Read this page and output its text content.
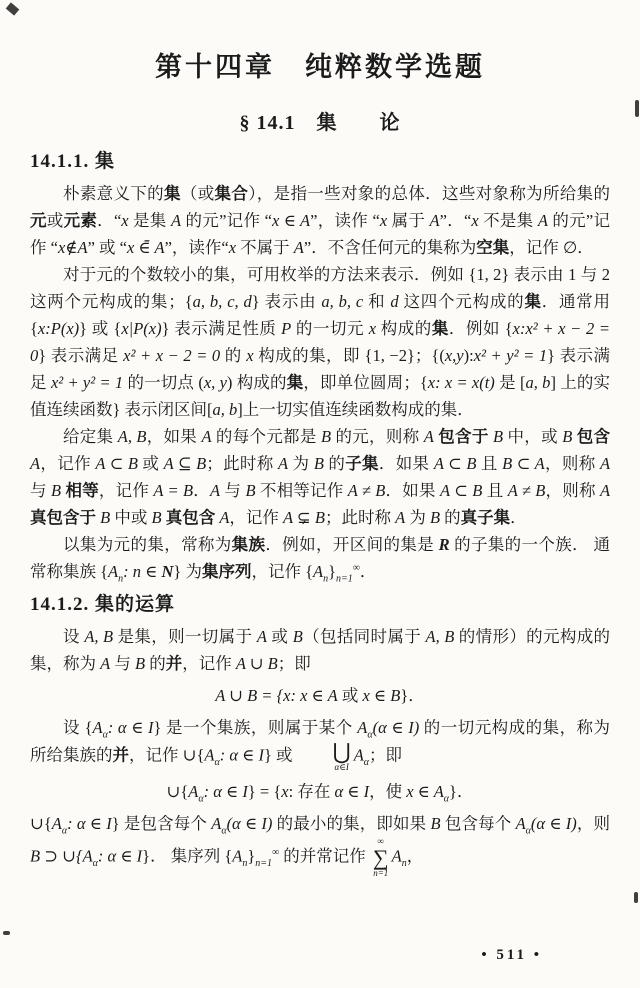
第十四章　纯粹数学选题
§ 14.1　集　　论
14.1.1. 集

朴素意义下的集（或集合），是指一些对象的总体．这些对象称为所给集的元或元素．“x 是集 A 的元”记作 “x ∈ A”，读作 “x 属于 A”．“x 不是集 A 的元”记作 “x∉A” 或 “x ∈̄ A”，读作“x 不属于 A”．不含任何元的集称为空集，记作 ∅．

对于元的个数较小的集，可用枚举的方法来表示．例如 {1, 2} 表示由 1 与 2 这两个元构成的集；{a, b, c, d} 表示由 a, b, c 和 d 这四个元构成的集．通常用 {x:P(x)} 或 {x|P(x)} 表示满足性质 P 的一切元 x 构成的集．例如 {x:x² + x − 2 = 0} 表示满足 x² + x − 2 = 0 的 x 构成的集，即 {1, −2}；{(x,y):x² + y² = 1} 表示满足 x² + y² = 1 的一切点 (x, y) 构成的集，即单位圆周；{x: x = x(t) 是 [a, b] 上的实值连续函数} 表示闭区间[a, b]上一切实值连续函数构成的集．

给定集 A, B，如果 A 的每个元都是 B 的元，则称 A 包含于 B 中，或 B 包含 A，记作 A ⊂ B 或 A ⊆ B；此时称 A 为 B 的子集．如果 A ⊂ B 且 B ⊂ A，则称 A 与 B 相等，记作 A = B．A 与 B 不相等记作 A ≠ B．如果 A ⊂ B 且 A ≠ B，则称 A 真包含于 B 中或 B 真包含 A，记作 A ⊊ B；此时称 A 为 B 的真子集．

以集为元的集，常称为集族．例如，开区间的集是 R 的子集的一个族． 通常称集族 {$A_n$: n ∈ N} 为集序列，记作 $\{A_n\}_{n=1}^\infty$．

14.1.2. 集的运算

设 A, B 是集，则一切属于 A 或 B（包括同时属于 A, B 的情形）的元构成的集，称为 A 与 B 的并，记作 A ∪ B；即

A ∪ B = {x: x ∈ A 或 x ∈ B}．

设 {$A_\alpha$: α ∈ I} 是一个集族，则属于某个 $A_\alpha(\alpha$ ∈ I) 的一切元构成的集，称为所给集族的并，记作 $\cup\{A_\alpha$: α ∈ I} 或	⋃
α∈I
$A_\alpha$；即

$\cup\{A_\alpha$: α ∈ I} = {x: 存在 α ∈ I，使 x ∈ $A_\alpha$}．

$\cup\{A_\alpha$: α ∈ I} 是包含每个 $A_\alpha(\alpha$ ∈ I) 的最小的集，即如果 B 包含每个 $A_\alpha(\alpha$ ∈ I)，则 B ⊃ $\cup\{A_\alpha$: α ∈ I}． 集序列 $\{A_n\}_{n=1}^\infty$ 的并常记作
∞
∑
n=1
$A_n$，

• 511 •
